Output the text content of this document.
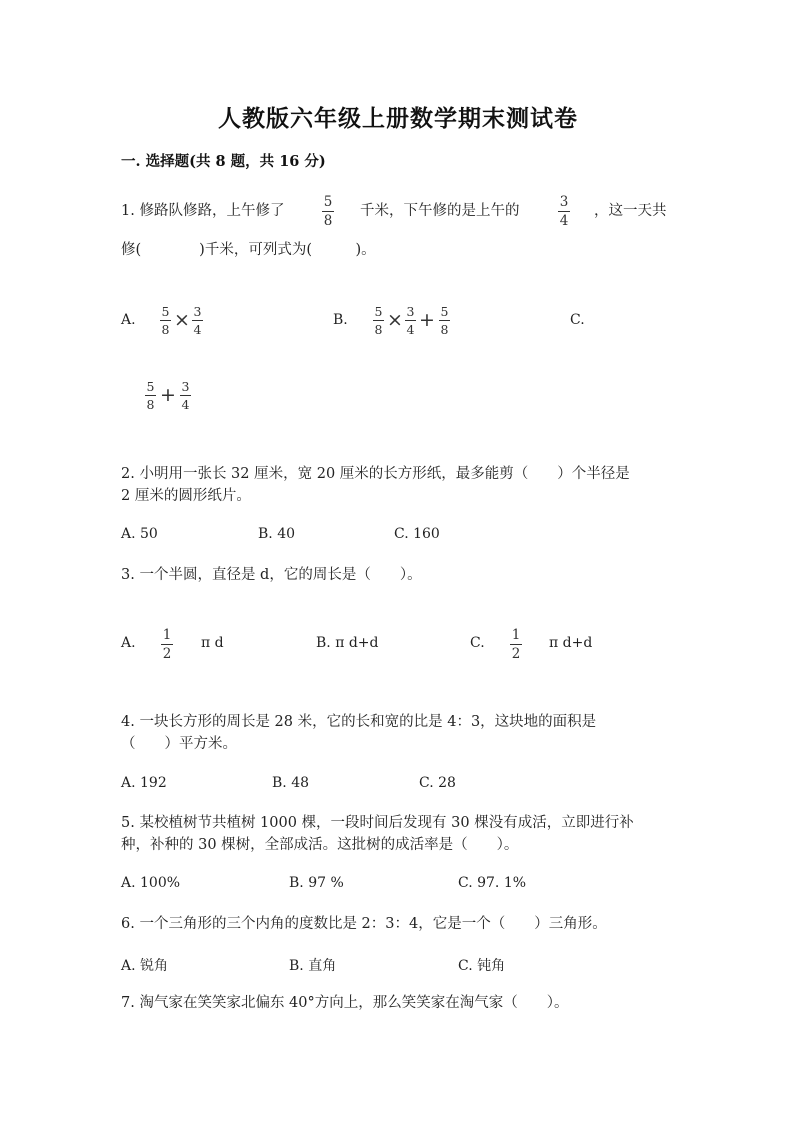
人教版六年级上册数学期末测试卷
一. 选择题(共 8 题，共 16 分)
1. 修路队修路，上午修了
5
8
千米，下午修的是上午的
3
4
，这一天共
修(　　　　)千米，可列式为(　　　)。
A.
5
8 × 3
4
B.
5
8 × 3
4 + 5
8
C.
5
8 + 3
4
2. 小明用一张长 32 厘米，宽 20 厘米的长方形纸，最多能剪（　　）个半径是
2 厘米的圆形纸片。
A. 50	B. 40	C. 160
3. 一个半圆，直径是 d，它的周长是（　　）。
A. 1
2
π d	B. π d+d	C. 1
2
π d+d
4. 一块长方形的周长是 28 米，它的长和宽的比是 4：3，这块地的面积是
（　　）平方米。
A. 192	B. 48	C. 28
5. 某校植树节共植树 1000 棵，一段时间后发现有 30 棵没有成活，立即进行补
种，补种的 30 棵树，全部成活。这批树的成活率是（　　）。
A. 100%	B. 97 %	C. 97. 1%
6. 一个三角形的三个内角的度数比是 2：3：4，它是一个（　　）三角形。
A. 锐角	B. 直角	C. 钝角
7. 淘气家在笑笑家北偏东 40°方向上，那么笑笑家在淘气家（　　）。
